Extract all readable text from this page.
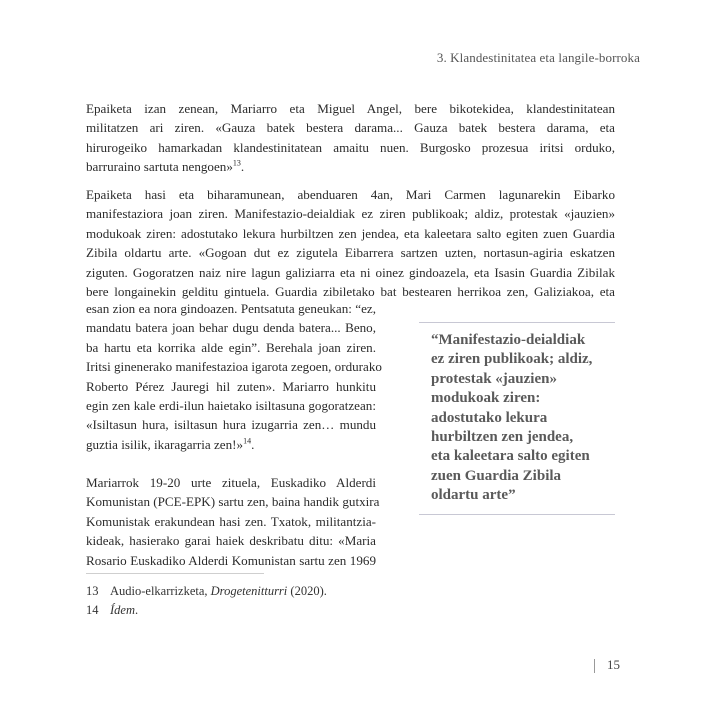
3. Klandestinitatea eta langile-borroka

Epaiketa izan zenean, Mariarro eta Miguel Angel, bere bikotekidea, klandestinitatean
militatzen ari ziren. «Gauza batek bestera darama... Gauza batek bestera darama, eta
hirurogeiko hamarkadan klandestinitatean amaitu nuen. Burgosko prozesua iritsi orduko,
barruraino sartuta nengoen»$^{13}$.

Epaiketa hasi eta biharamunean, abenduaren 4an, Mari Carmen lagunarekin Eibarko
manifestaziora joan ziren. Manifestazio-deialdiak ez ziren publikoak; aldiz, protestak «jauzien»
modukoak ziren: adostutako lekura hurbiltzen zen jendea, eta kaleetara salto egiten zuen Guardia
Zibila oldartu arte. «Gogoan dut ez zigutela Eibarrera sartzen uzten, nortasun-agiria eskatzen
ziguten. Gogoratzen naiz nire lagun galiziarra eta ni oinez gindoazela, eta Isasin Guardia Zibilak
bere longainekin gelditu gintuela. Guardia zibiletako bat bestearen herrikoa zen, Galiziakoa, eta

esan zion ea nora gindoazen. Pentsatuta geneukan: “ez,
mandatu batera joan behar dugu denda batera... Beno,
ba hartu eta korrika alde egin”. Berehala joan ziren.
Iritsi ginenerako manifestazioa igarota zegoen, ordurako
Roberto Pérez Jauregi hil zuten». Mariarro hunkitu
egin zen kale erdi-ilun haietako isiltasuna gogoratzean:
«Isiltasun hura, isiltasun hura izugarria zen… mundu
guztia isilik, ikaragarria zen!»$^{14}$.

Mariarrok 19-20 urte zituela, Euskadiko Alderdi
Komunistan (PCE-EPK) sartu zen, baina handik gutxira
Komunistak erakundean hasi zen. Txatok, militantzia-
kideak, hasierako garai haiek deskribatu ditu: «Maria
Rosario Euskadiko Alderdi Komunistan sartu zen 1969

“Manifestazio-deialdiak
ez ziren publikoak; aldiz,
protestak «jauzien»
modukoak ziren:
adostutako lekura
hurbiltzen zen jendea,
eta kaleetara salto egiten
zuen Guardia Zibila
oldartu arte”

13 Audio-elkarrizketa, Drogetenitturri (2020).
14 Ídem.
15
